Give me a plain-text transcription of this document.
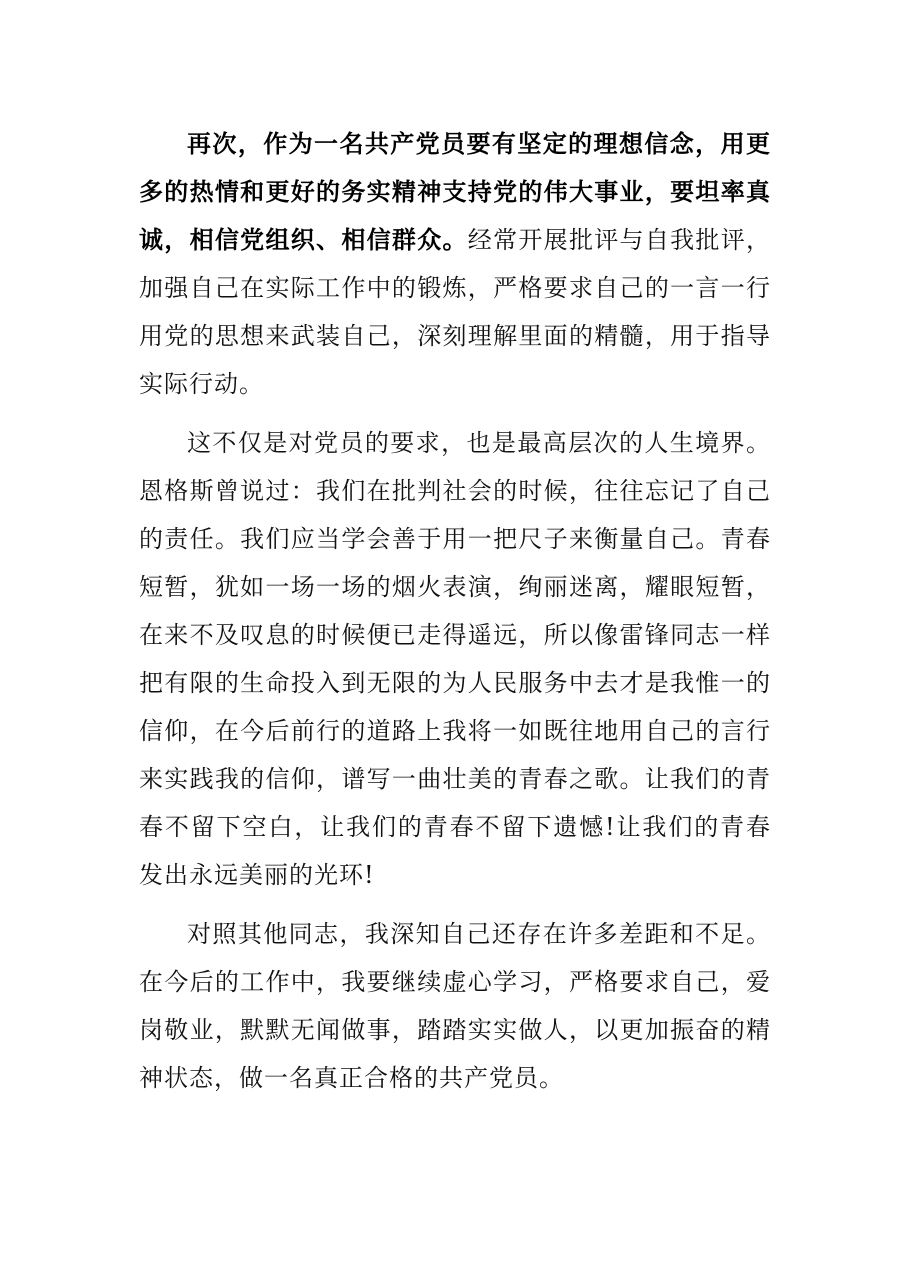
再次，作为一名共产党员要有坚定的理想信念，用更多的热情和更好的务实精神支持党的伟大事业，要坦率真诚，相信党组织、相信群众。经常开展批评与自我批评，加强自己在实际工作中的锻炼，严格要求自己的一言一行用党的思想来武装自己，深刻理解里面的精髓，用于指导实际行动。

这不仅是对党员的要求，也是最高层次的人生境界。恩格斯曾说过：我们在批判社会的时候，往往忘记了自己的责任。我们应当学会善于用一把尺子来衡量自己。青春短暂，犹如一场一场的烟火表演，绚丽迷离，耀眼短暂，在来不及叹息的时候便已走得遥远，所以像雷锋同志一样把有限的生命投入到无限的为人民服务中去才是我惟一的信仰，在今后前行的道路上我将一如既往地用自己的言行来实践我的信仰，谱写一曲壮美的青春之歌。让我们的青春不留下空白，让我们的青春不留下遗憾!让我们的青春发出永远美丽的光环!

对照其他同志，我深知自己还存在许多差距和不足。在今后的工作中，我要继续虚心学习，严格要求自己，爱岗敬业，默默无闻做事，踏踏实实做人，以更加振奋的精神状态，做一名真正合格的共产党员。
